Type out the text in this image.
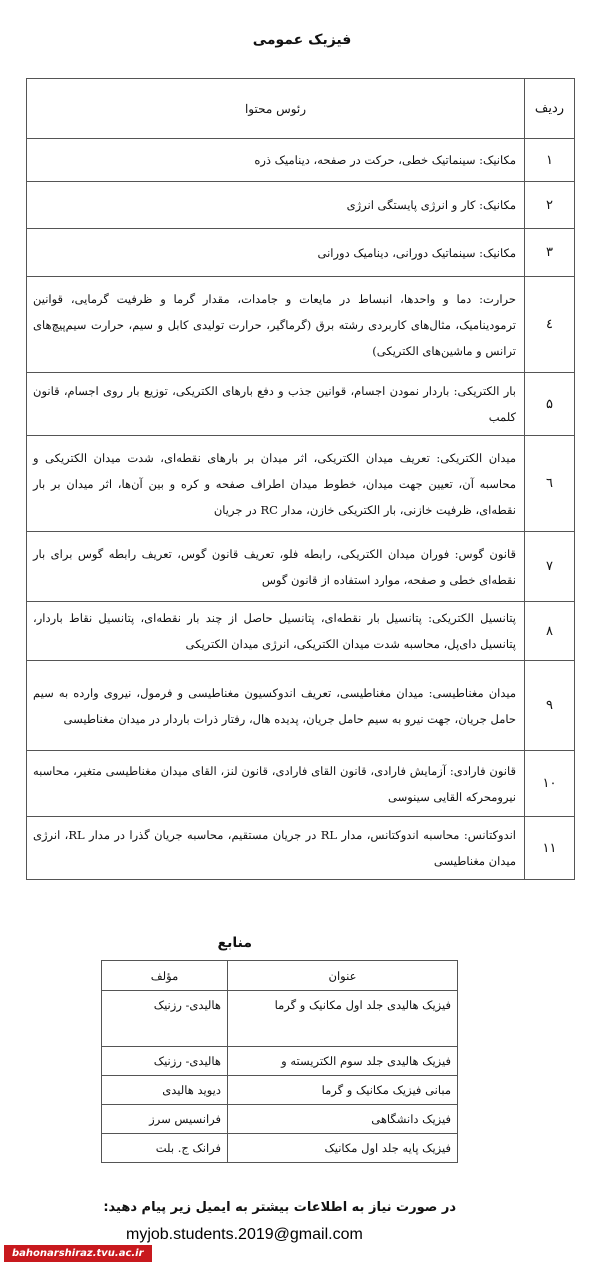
فیزیک عمومی
ردیف	رئوس محتوا
۱	مکانیک: سینماتیک خطی، حرکت در صفحه، دینامیک ذره
۲	مکانیک: کار و انرژی پایستگی انرژی
۳	مکانیک: سینماتیک دورانی، دینامیک دورانی
٤	حرارت: دما و واحدها، انبساط در مایعات و جامدات، مقدار گرما و ظرفیت گرمایی، قوانین ترمودینامیک، مثال‌های کاربردی رشته برق (گرماگیر، حرارت تولیدی کابل و سیم، حرارت سیم‌پیچ‌های ترانس و ماشین‌های الکتریکی)
۵	بار الکتریکی: باردار نمودن اجسام، قوانین جذب و دفع بارهای الکتریکی، توزیع بار روی اجسام، قانون کلمب
٦	میدان الکتریکی: تعریف میدان الکتریکی، اثر میدان بر بارهای نقطه‌ای، شدت میدان الکتریکی و محاسبه آن، تعیین جهت میدان، خطوط میدان اطراف صفحه و کره و بین آن‌ها، اثر میدان بر بار نقطه‌ای، ظرفیت خازنی، بار الکتریکی خازن، مدار RC در جریان
۷	قانون گوس: فوران میدان الکتریکی، رابطه فلو، تعریف قانون گوس، تعریف رابطه گوس برای بار نقطه‌ای خطی و صفحه، موارد استفاده از قانون گوس
۸	پتانسیل الکتریکی: پتانسیل بار نقطه‌ای، پتانسیل حاصل از چند بار نقطه‌ای، پتانسیل نقاط باردار، پتانسیل دای‌پل، محاسبه شدت میدان الکتریکی، انرژی میدان الکتریکی
۹	میدان مغناطیسی: میدان مغناطیسی، تعریف اندوکسیون مغناطیسی و فرمول، نیروی وارده به سیم حامل جریان، جهت نیرو به سیم حامل جریان، پدیده هال، رفتار ذرات باردار در میدان مغناطیسی
۱۰	قانون فارادی: آزمایش فارادی، قانون القای فارادی، قانون لنز، القای میدان مغناطیسی متغیر، محاسبه نیرومحرکه القایی سینوسی
۱۱	اندوکتانس: محاسبه اندوکتانس، مدار RL در جریان مستقیم، محاسبه جریان گذرا در مدار RL، انرژی میدان مغناطیسی
منابع
عنوان	مؤلف
فیزیک هالیدی جلد اول مکانیک و گرما	هالیدی- رزنیک
فیزیک هالیدی جلد سوم الکتریسته و	هالیدی- رزنیک
مبانی فیزیک مکانیک و گرما	دیوید هالیدی
فیزیک دانشگاهی	فرانسیس سرز
فیزیک پایه جلد اول مکانیک	فرانک ج. بلت
در صورت نیاز به اطلاعات بیشتر به ایمیل زیر پیام دهید:
myjob.students.2019@gmail.com
bahonarshiraz.tvu.ac.ir
